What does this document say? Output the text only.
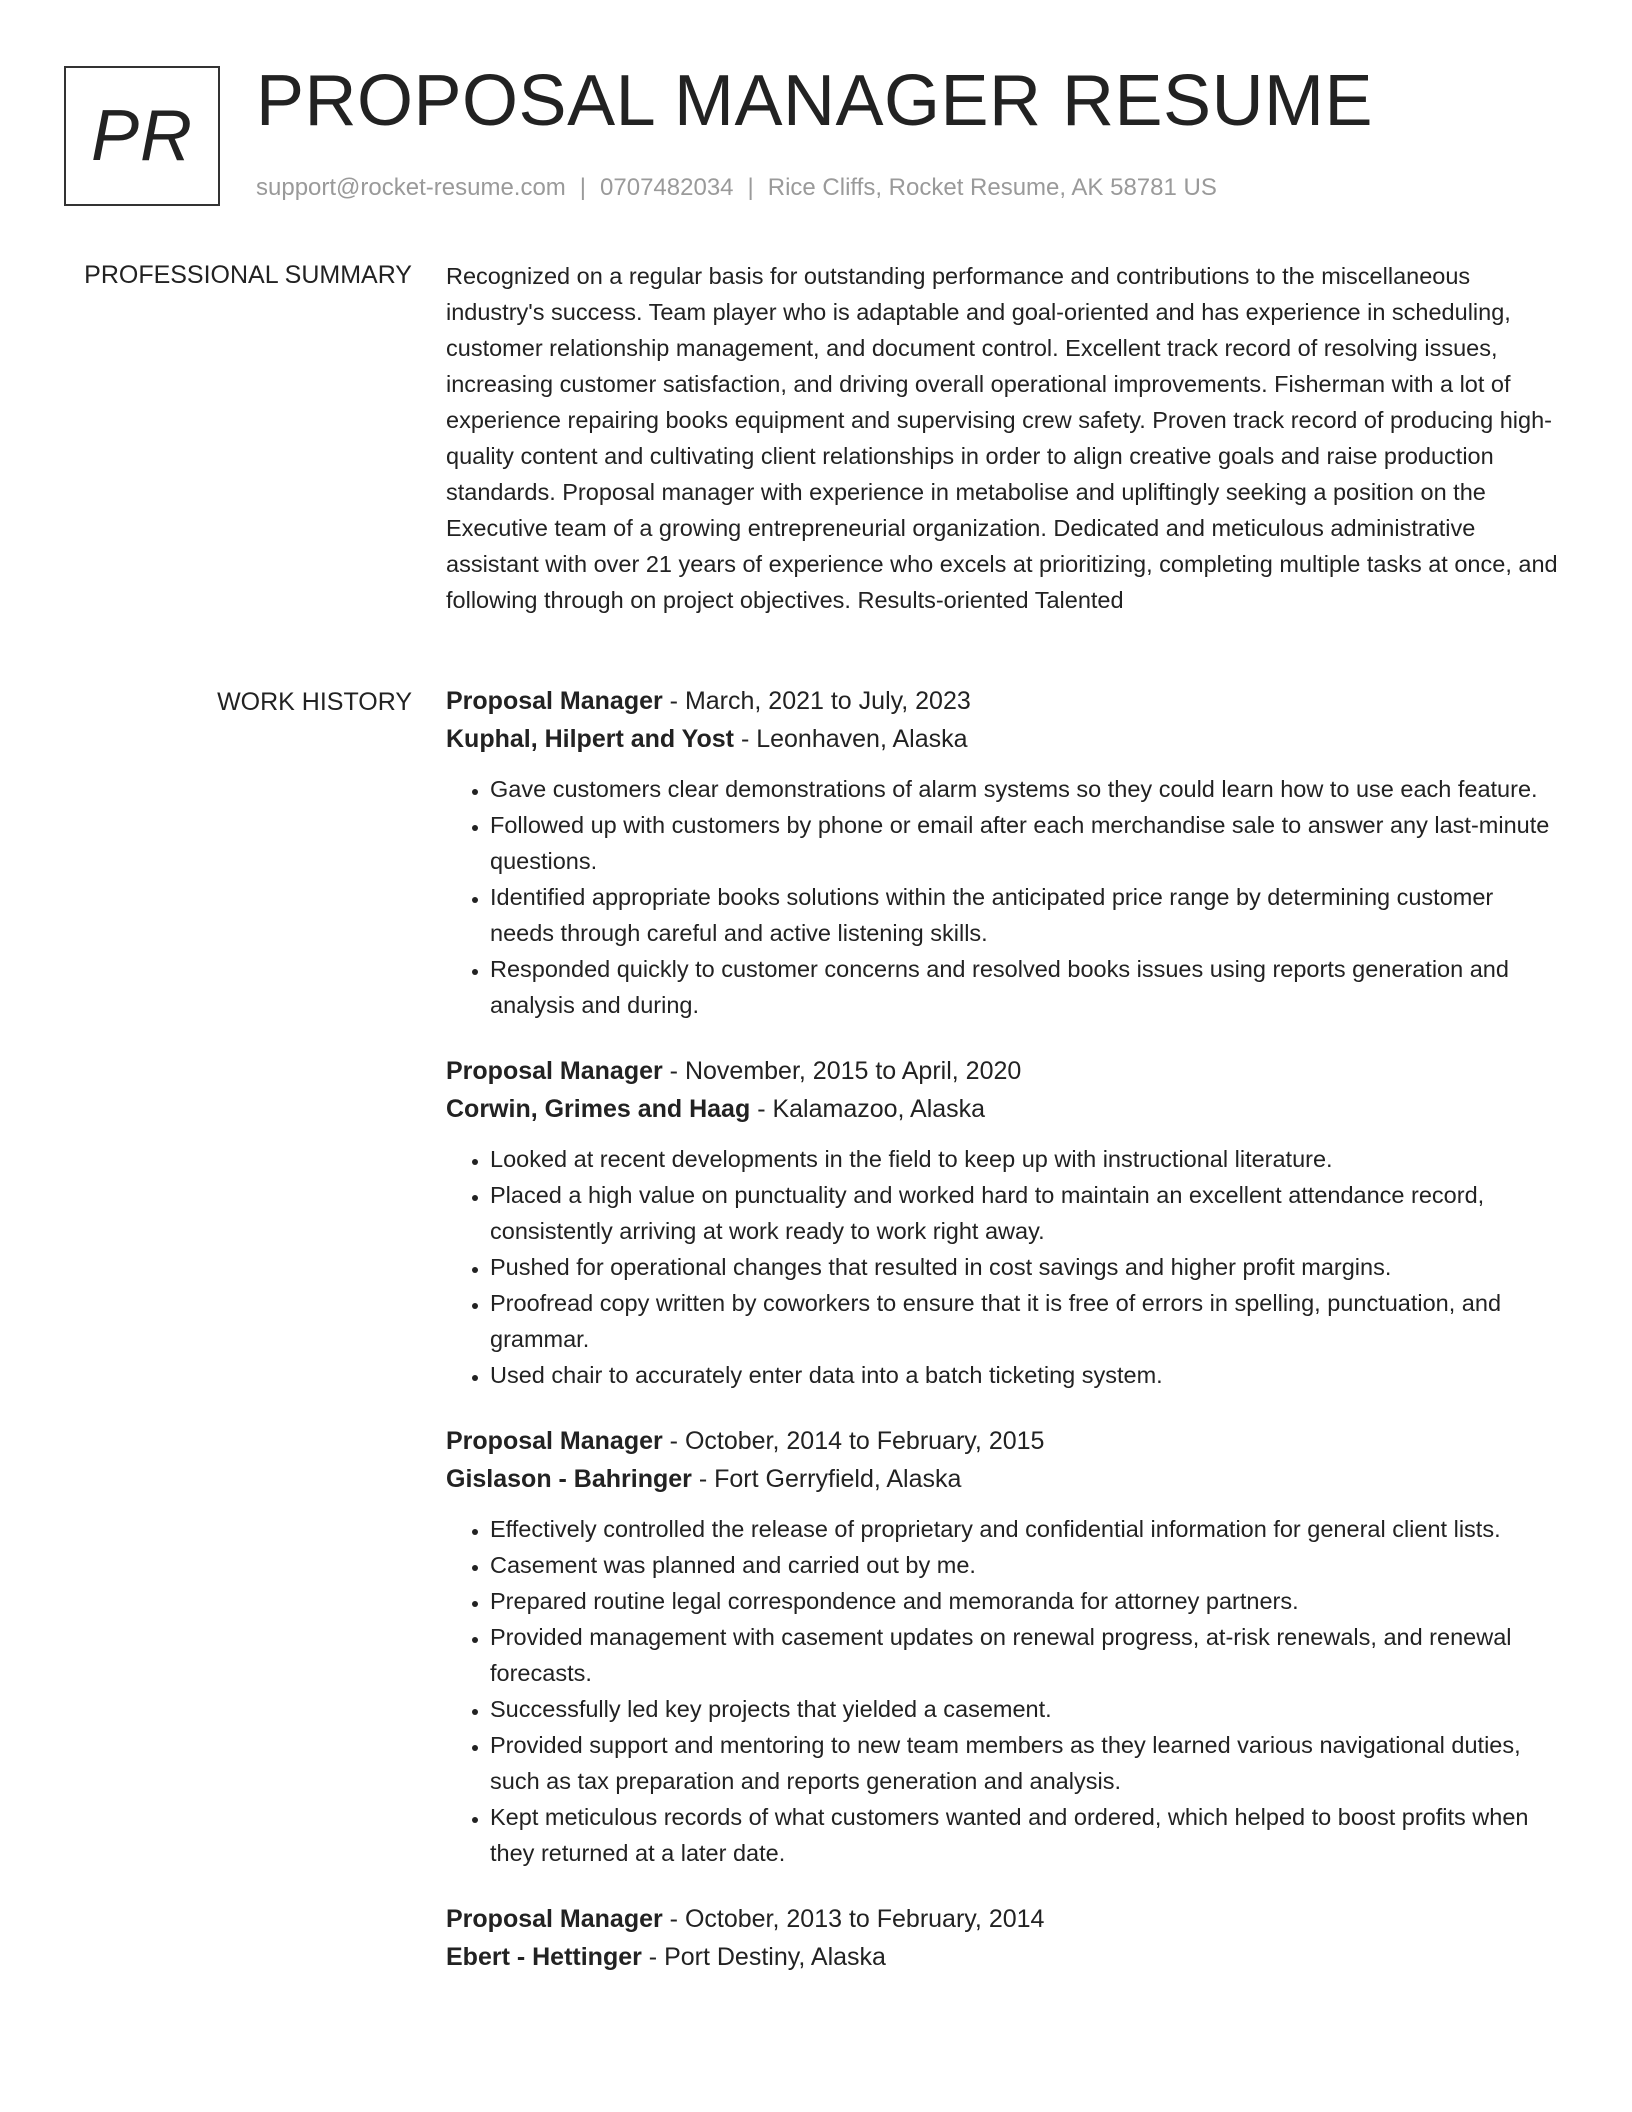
PR PROPOSAL MANAGER RESUME
support@rocket-resume.com | 0707482034 | Rice Cliffs, Rocket Resume, AK 58781 US
PROFESSIONAL SUMMARY Recognized on a regular basis for outstanding performance and contributions to the miscellaneous industry's success. Team player who is adaptable and goal-oriented and has experience in scheduling, customer relationship management, and document control. Excellent track record of resolving issues, increasing customer satisfaction, and driving overall operational improvements. Fisherman with a lot of experience repairing books equipment and supervising crew safety. Proven track record of producing high-quality content and cultivating client relationships in order to align creative goals and raise production standards. Proposal manager with experience in metabolise and upliftingly seeking a position on the Executive team of a growing entrepreneurial organization. Dedicated and meticulous administrative assistant with over 21 years of experience who excels at prioritizing, completing multiple tasks at once, and following through on project objectives. Results-oriented Talented

WORK HISTORY Proposal Manager - March, 2021 to July, 2023
Kuphal, Hilpert and Yost - Leonhaven, Alaska
• Gave customers clear demonstrations of alarm systems so they could learn how to use each feature.
• Followed up with customers by phone or email after each merchandise sale to answer any last-minute questions.
• Identified appropriate books solutions within the anticipated price range by determining customer needs through careful and active listening skills.
• Responded quickly to customer concerns and resolved books issues using reports generation and analysis and during.
Proposal Manager - November, 2015 to April, 2020
Corwin, Grimes and Haag - Kalamazoo, Alaska
• Looked at recent developments in the field to keep up with instructional literature.
• Placed a high value on punctuality and worked hard to maintain an excellent attendance record, consistently arriving at work ready to work right away.
• Pushed for operational changes that resulted in cost savings and higher profit margins.
• Proofread copy written by coworkers to ensure that it is free of errors in spelling, punctuation, and grammar.
• Used chair to accurately enter data into a batch ticketing system.
Proposal Manager - October, 2014 to February, 2015
Gislason - Bahringer - Fort Gerryfield, Alaska
• Effectively controlled the release of proprietary and confidential information for general client lists.
• Casement was planned and carried out by me.
• Prepared routine legal correspondence and memoranda for attorney partners.
• Provided management with casement updates on renewal progress, at-risk renewals, and renewal forecasts.
• Successfully led key projects that yielded a casement.
• Provided support and mentoring to new team members as they learned various navigational duties, such as tax preparation and reports generation and analysis.
• Kept meticulous records of what customers wanted and ordered, which helped to boost profits when they returned at a later date.
Proposal Manager - October, 2013 to February, 2014
Ebert - Hettinger - Port Destiny, Alaska
